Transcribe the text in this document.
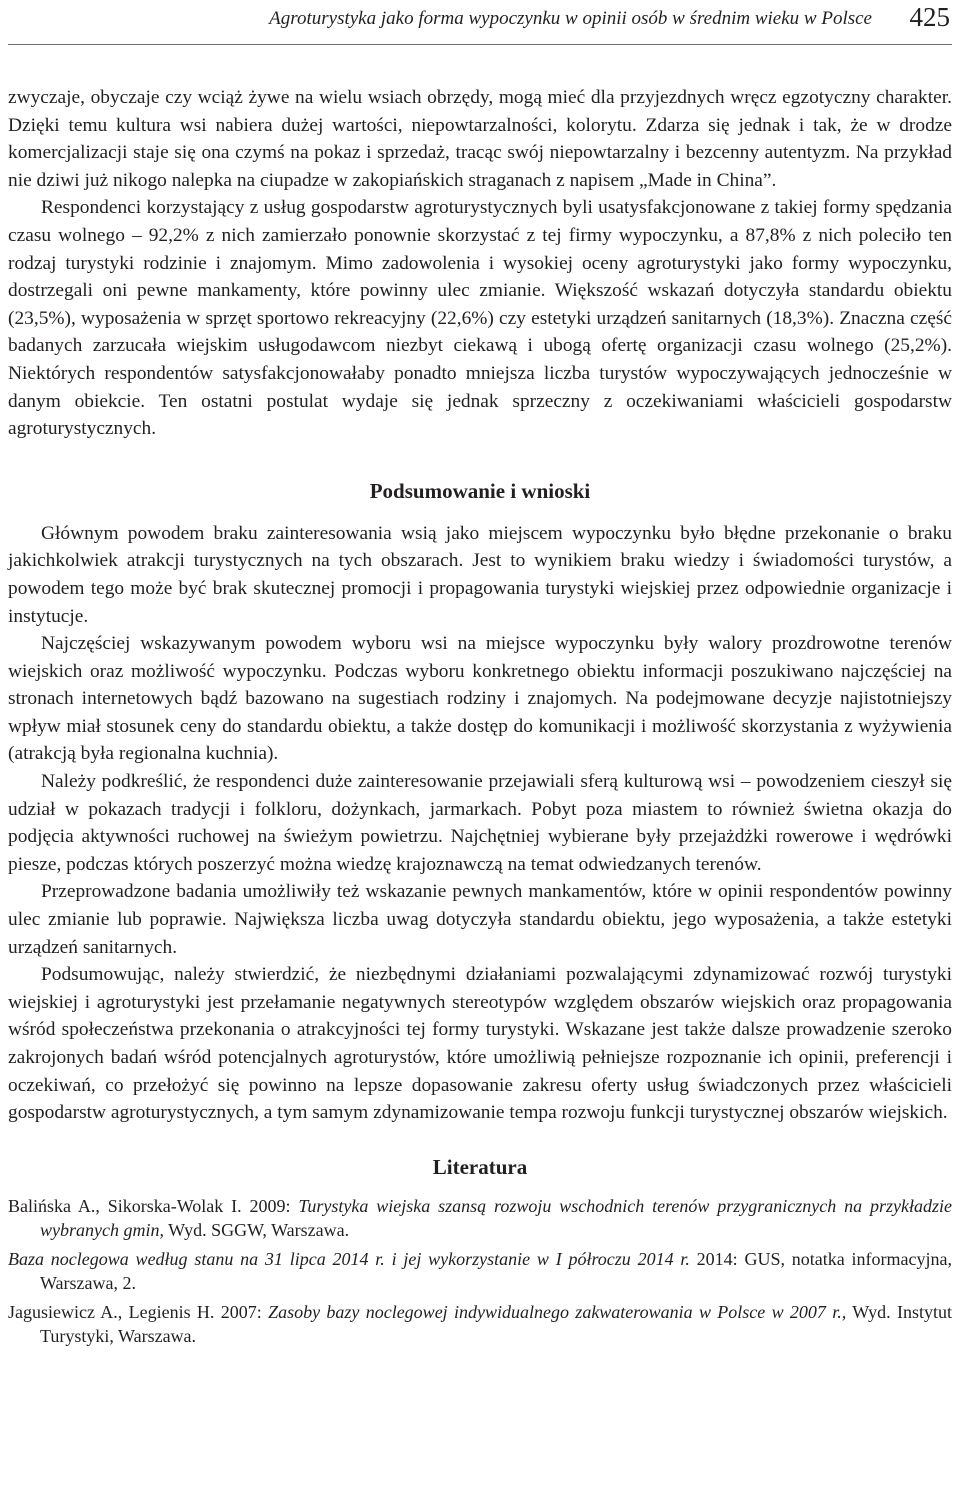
Agroturystyka jako forma wypoczynku w opinii osób w średnim wieku w Polsce 425

zwyczaje, obyczaje czy wciąż żywe na wielu wsiach obrzędy, mogą mieć dla przyjezdnych wręcz egzotyczny charakter. Dzięki temu kultura wsi nabiera dużej wartości, niepowtarzalności, kolorytu. Zdarza się jednak i tak, że w drodze komercjalizacji staje się ona czymś na pokaz i sprzedaż, tracąc swój niepowtarzalny i bezcenny autentyzm. Na przykład nie dziwi już nikogo nalepka na ciupadze w zakopiańskich straganach z napisem „Made in China”.

Respondenci korzystający z usług gospodarstw agroturystycznych byli usatysfakcjonowane z takiej formy spędzania czasu wolnego – 92,2% z nich zamierzało ponownie skorzystać z tej firmy wypoczynku, a 87,8% z nich poleciło ten rodzaj turystyki rodzinie i znajomym. Mimo zadowolenia i wysokiej oceny agroturystyki jako formy wypoczynku, dostrzegali oni pewne mankamenty, które powinny ulec zmianie. Większość wskazań dotyczyła standardu obiektu (23,5%), wyposażenia w sprzęt sportowo rekreacyjny (22,6%) czy estetyki urządzeń sanitarnych (18,3%). Znaczna część badanych zarzucała wiejskim usługodawcom niezbyt ciekawą i ubogą ofertę organizacji czasu wolnego (25,2%). Niektórych respondentów satysfakcjonowałaby ponadto mniejsza liczba turystów wypoczywających jednocześnie w danym obiekcie. Ten ostatni postulat wydaje się jednak sprzeczny z oczekiwaniami właścicieli gospodarstw agroturystycznych.

Podsumowanie i wnioski

Głównym powodem braku zainteresowania wsią jako miejscem wypoczynku było błędne przekonanie o braku jakichkolwiek atrakcji turystycznych na tych obszarach. Jest to wynikiem braku wiedzy i świadomości turystów, a powodem tego może być brak skutecznej promocji i propagowania turystyki wiejskiej przez odpowiednie organizacje i instytucje.

Najczęściej wskazywanym powodem wyboru wsi na miejsce wypoczynku były walory prozdrowotne terenów wiejskich oraz możliwość wypoczynku. Podczas wyboru konkretnego obiektu informacji poszukiwano najczęściej na stronach internetowych bądź bazowano na sugestiach rodziny i znajomych. Na podejmowane decyzje najistotniejszy wpływ miał stosunek ceny do standardu obiektu, a także dostęp do komunikacji i możliwość skorzystania z wyżywienia (atrakcją była regionalna kuchnia).

Należy podkreślić, że respondenci duże zainteresowanie przejawiali sferą kulturową wsi – powodzeniem cieszył się udział w pokazach tradycji i folkloru, dożynkach, jarmarkach. Pobyt poza miastem to również świetna okazja do podjęcia aktywności ruchowej na świeżym powietrzu. Najchętniej wybierane były przejażdżki rowerowe i wędrówki piesze, podczas których poszerzyć można wiedzę krajoznawczą na temat odwiedzanych terenów.

Przeprowadzone badania umożliwiły też wskazanie pewnych mankamentów, które w opinii respondentów powinny ulec zmianie lub poprawie. Największa liczba uwag dotyczyła standardu obiektu, jego wyposażenia, a także estetyki urządzeń sanitarnych.

Podsumowując, należy stwierdzić, że niezbędnymi działaniami pozwalającymi zdynamizować rozwój turystyki wiejskiej i agroturystyki jest przełamanie negatywnych stereotypów względem obszarów wiejskich oraz propagowania wśród społeczeństwa przekonania o atrakcyjności tej formy turystyki. Wskazane jest także dalsze prowadzenie szeroko zakrojonych badań wśród potencjalnych agroturystów, które umożliwią pełniejsze rozpoznanie ich opinii, preferencji i oczekiwań, co przełożyć się powinno na lepsze dopasowanie zakresu oferty usług świadczonych przez właścicieli gospodarstw agroturystycznych, a tym samym zdynamizowanie tempa rozwoju funkcji turystycznej obszarów wiejskich.

Literatura

Balińska A., Sikorska-Wolak I. 2009: Turystyka wiejska szansą rozwoju wschodnich terenów przygranicznych na przykładzie wybranych gmin, Wyd. SGGW, Warszawa.

Baza noclegowa według stanu na 31 lipca 2014 r. i jej wykorzystanie w I półroczu 2014 r. 2014: GUS, notatka informacyjna, Warszawa, 2.

Jagusiewicz A., Legienis H. 2007: Zasoby bazy noclegowej indywidualnego zakwaterowania w Polsce w 2007 r., Wyd. Instytut Turystyki, Warszawa.
